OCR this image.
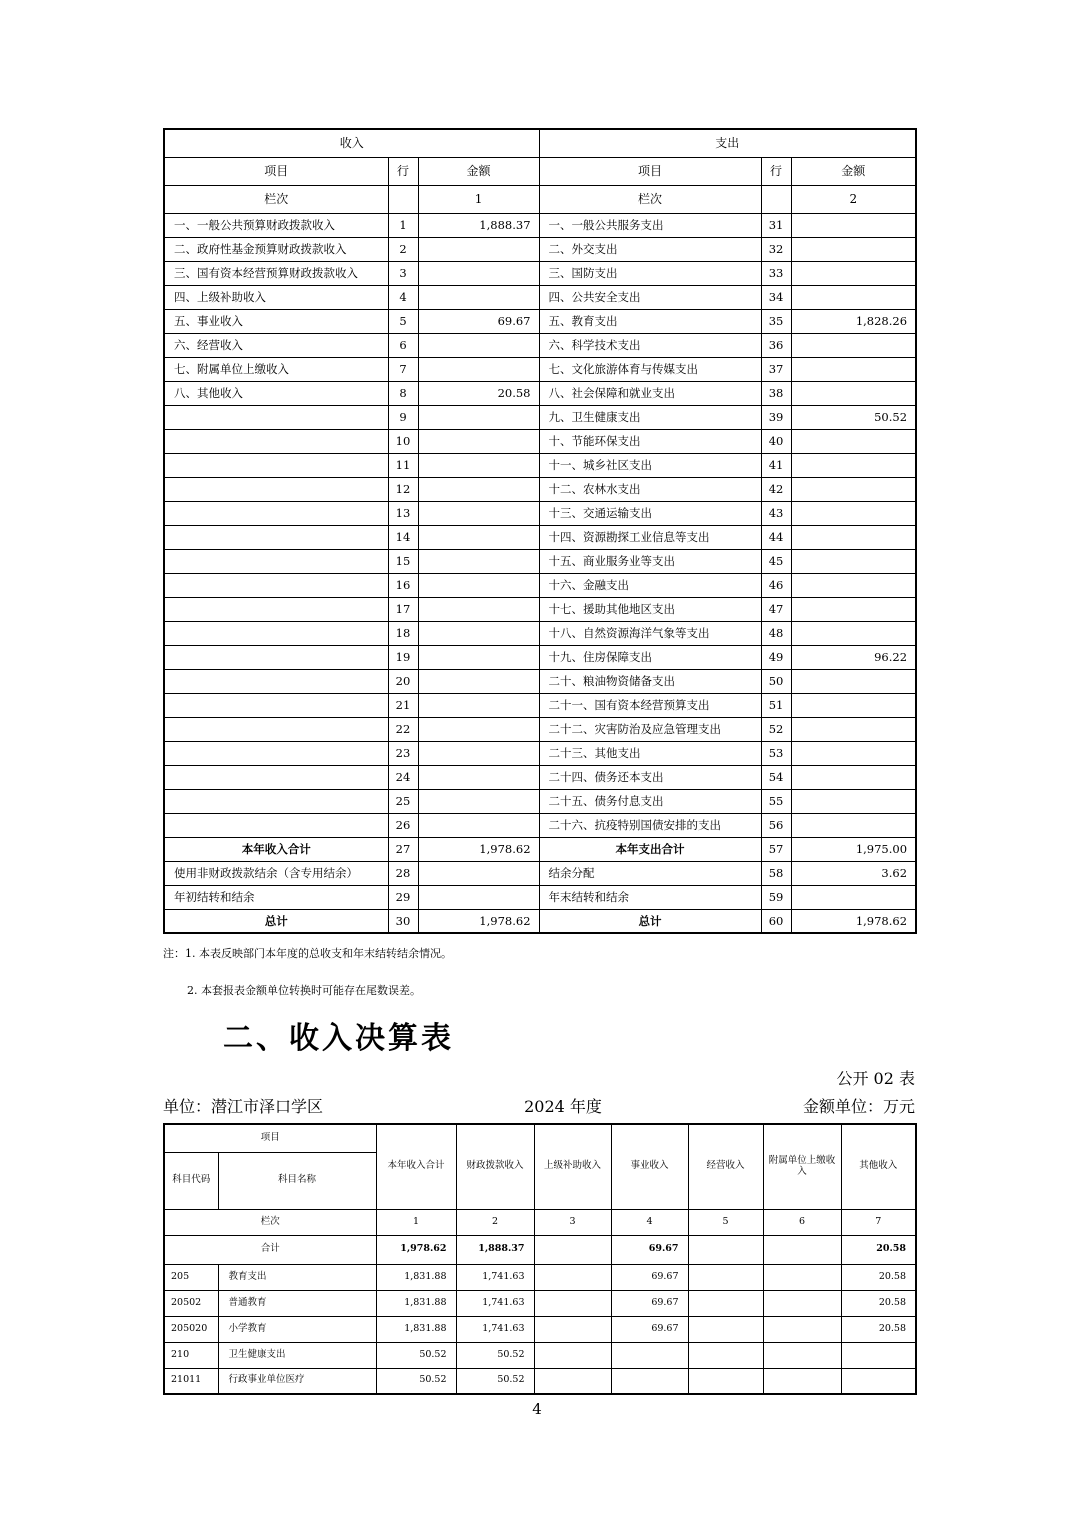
收入			支出		
项目	行	金额	项目	行	金额
栏次		1	栏次		2
一、一般公共预算财政拨款收入	1	1,888.37	一、一般公共服务支出	31	
二、政府性基金预算财政拨款收入	2		二、外交支出	32	
三、国有资本经营预算财政拨款收入	3		三、国防支出	33	
四、上级补助收入	4		四、公共安全支出	34	
五、事业收入	5	69.67	五、教育支出	35	1,828.26
六、经营收入	6		六、科学技术支出	36	
七、附属单位上缴收入	7		七、文化旅游体育与传媒支出	37	
八、其他收入	8	20.58	八、社会保障和就业支出	38	
	9		九、卫生健康支出	39	50.52
	10		十、节能环保支出	40	
	11		十一、城乡社区支出	41	
	12		十二、农林水支出	42	
	13		十三、交通运输支出	43	
	14		十四、资源勘探工业信息等支出	44	
	15		十五、商业服务业等支出	45	
	16		十六、金融支出	46	
	17		十七、援助其他地区支出	47	
	18		十八、自然资源海洋气象等支出	48	
	19		十九、住房保障支出	49	96.22
	20		二十、粮油物资储备支出	50	
	21		二十一、国有资本经营预算支出	51	
	22		二十二、灾害防治及应急管理支出	52	
	23		二十三、其他支出	53	
	24		二十四、债务还本支出	54	
	25		二十五、债务付息支出	55	
	26		二十六、抗疫特别国债安排的支出	56	
本年收入合计	27	1,978.62	本年支出合计	57	1,975.00
使用非财政拨款结余（含专用结余）	28		结余分配	58	3.62
年初结转和结余	29		年末结转和结余	59	
总计	30	1,978.62	总计	60	1,978.62
注：1. 本表反映部门本年度的总收支和年末结转结余情况。
2. 本套报表金额单位转换时可能存在尾数误差。
二、收入决算表
公开 02 表
单位：潜江市泽口学区	2024 年度	金额单位：万元
项目		本年收入合计	财政拨款收入	上级补助收入	事业收入	经营收入	附属单位上缴收入	其他收入
科目代码	科目名称							
栏次		1	2	3	4	5	6	7
合计		1,978.62	1,888.37		69.67			20.58
205	教育支出	1,831.88	1,741.63		69.67			20.58
20502	普通教育	1,831.88	1,741.63		69.67			20.58
205020	小学教育	1,831.88	1,741.63		69.67			20.58
210	卫生健康支出	50.52	50.52					
21011	行政事业单位医疗	50.52	50.52					
4
